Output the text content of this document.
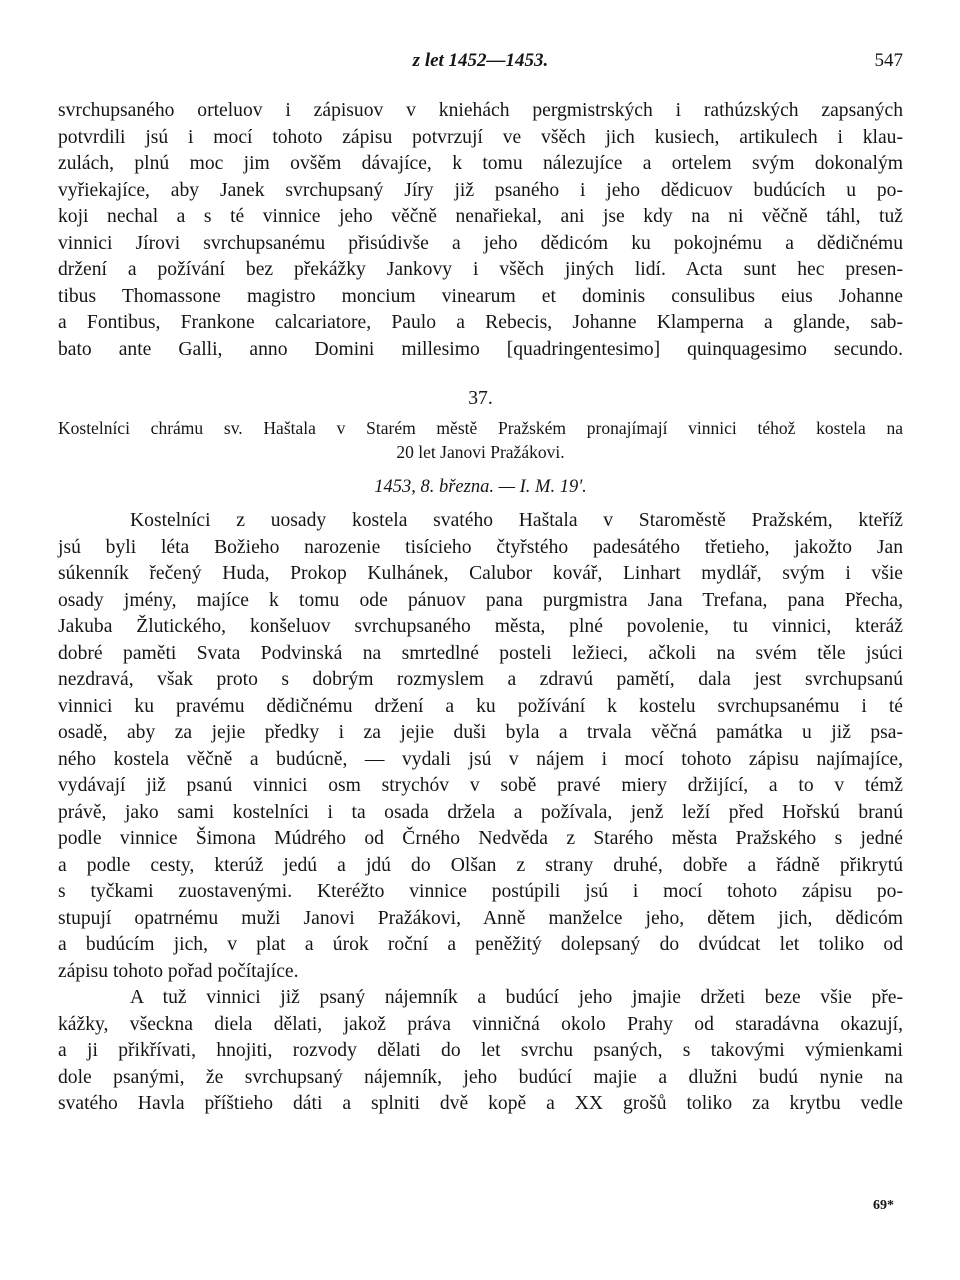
z let 1452—1453.	547

svrchupsaného orteluov i zápisuov v kniehách pergmistrských i rathúzských zapsaných
potvrdili jsú i mocí tohoto zápisu potvrzují ve všěch jich kusiech, artikulech i klau-
zulách, plnú moc jim ovšěm dávajíce, k tomu nálezujíce a ortelem svým dokonalým
vyřiekajíce, aby Janek svrchupsaný Jíry již psaného i jeho dědicuov budúcích u po-
koji nechal a s té vinnice jeho věčně nenařiekal, ani jse kdy na ni věčně táhl, tuž
vinnici Jírovi svrchupsanému přisúdivše a jeho dědicóm ku pokojnému a dědičnému
držení a požívání bez překážky Jankovy i všěch jiných lidí. Acta sunt hec presen-
tibus Thomassone magistro moncium vinearum et dominis consulibus eius Johanne
a Fontibus, Frankone calcariatore, Paulo a Rebecis, Johanne Klamperna a glande, sab-
bato ante Galli, anno Domini millesimo [quadringentesimo] quinquagesimo secundo.

37.
Kostelníci chrámu sv. Haštala v Starém městě Pražském pronajímají vinnici téhož kostela na
20 let Janovi Pražákovi.
1453, 8. března. — I. M. 19'.

Kostelníci z uosady kostela svatého Haštala v Staroměstě Pražském, kteříž
jsú byli léta Božieho narozenie tisícieho čtyřstého padesátého třetieho, jakožto Jan
súkenník řečený Huda, Prokop Kulhánek, Calubor kovář, Linhart mydlář, svým i všie
osady jmény, majíce k tomu ode pánuov pana purgmistra Jana Trefana, pana Přecha,
Jakuba Žlutického, konšeluov svrchupsaného města, plné povolenie, tu vinnici, kteráž
dobré paměti Svata Podvinská na smrtedlné posteli ležieci, ačkoli na svém těle jsúci
nezdravá, však proto s dobrým rozmyslem a zdravú pamětí, dala jest svrchupsanú
vinnici ku pravému dědičnému držení a ku požívání k kostelu svrchupsanému i té
osadě, aby za jejie předky i za jejie duši byla a trvala věčná památka u již psa-
ného kostela věčně a budúcně, — vydali jsú v nájem i mocí tohoto zápisu najímajíce,
vydávají již psanú vinnici osm strychóv v sobě pravé miery držijící, a to v témž
právě, jako sami kostelníci i ta osada držela a požívala, jenž leží před Hořskú branú
podle vinnice Šimona Múdrého od Črného Nedvěda z Starého města Pražského s jedné
a podle cesty, kterúž jedú a jdú do Olšan z strany druhé, dobře a řádně přikrytú
s tyčkami zuostavenými. Kteréžto vinnice postúpili jsú i mocí tohoto zápisu po-
stupují opatrnému muži Janovi Pražákovi, Anně manželce jeho, dětem jich, dědicóm
a budúcím jich, v plat a úrok roční a peněžitý dolepsaný do dvúdcat let toliko od
zápisu tohoto pořad počítajíce.

A tuž vinnici již psaný nájemník a budúcí jeho jmajie držeti beze všie pře-
kážky, všeckna diela dělati, jakož práva vinničná okolo Prahy od staradávna okazují,
a ji přikřívati, hnojiti, rozvody dělati do let svrchu psaných, s takovými výmienkami
dole psanými, že svrchupsaný nájemník, jeho budúcí majie a dlužni budú nynie na
svatého Havla příštieho dáti a splniti dvě kopě a XX grošů toliko za krytbu vedle

69*
